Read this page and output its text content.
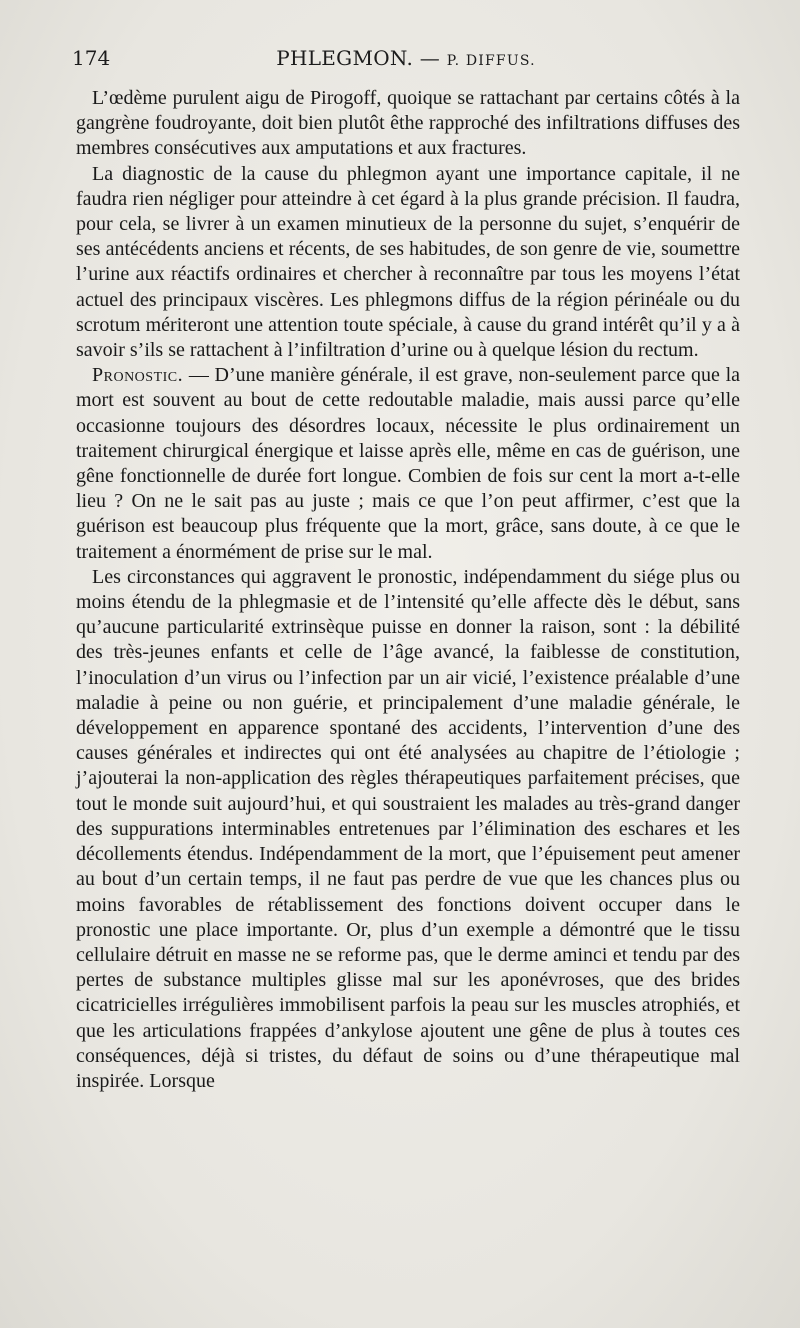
174	PHLEGMON. — P. DIFFUS.

L’œdème purulent aigu de Pirogoff, quoique se rattachant par certains côtés à la gangrène foudroyante, doit bien plutôt êthe rapproché des infiltrations diffuses des membres consécutives aux amputations et aux fractures.

La diagnostic de la cause du phlegmon ayant une importance capitale, il ne faudra rien négliger pour atteindre à cet égard à la plus grande précision. Il faudra, pour cela, se livrer à un examen minutieux de la personne du sujet, s’enquérir de ses antécédents anciens et récents, de ses habitudes, de son genre de vie, soumettre l’urine aux réactifs ordinaires et chercher à reconnaître par tous les moyens l’état actuel des principaux viscères. Les phlegmons diffus de la région périnéale ou du scrotum mériteront une attention toute spéciale, à cause du grand intérêt qu’il y a à savoir s’ils se rattachent à l’infiltration d’urine ou à quelque lésion du rectum.

Pronostic. — D’une manière générale, il est grave, non-seulement parce que la mort est souvent au bout de cette redoutable maladie, mais aussi parce qu’elle occasionne toujours des désordres locaux, nécessite le plus ordinairement un traitement chirurgical énergique et laisse après elle, même en cas de guérison, une gêne fonctionnelle de durée fort longue. Combien de fois sur cent la mort a-t-elle lieu ? On ne le sait pas au juste ; mais ce que l’on peut affirmer, c’est que la guérison est beaucoup plus fréquente que la mort, grâce, sans doute, à ce que le traitement a énormément de prise sur le mal.

Les circonstances qui aggravent le pronostic, indépendamment du siége plus ou moins étendu de la phlegmasie et de l’intensité qu’elle affecte dès le début, sans qu’aucune particularité extrinsèque puisse en donner la raison, sont : la débilité des très-jeunes enfants et celle de l’âge avancé, la faiblesse de constitution, l’inoculation d’un virus ou l’infection par un air vicié, l’existence préalable d’une maladie à peine ou non guérie, et principalement d’une maladie générale, le développement en apparence spontané des accidents, l’intervention d’une des causes générales et indirectes qui ont été analysées au chapitre de l’étiologie ; j’ajouterai la non-application des règles thérapeutiques parfaitement précises, que tout le monde suit aujourd’hui, et qui soustraient les malades au très-grand danger des suppurations interminables entretenues par l’élimination des eschares et les décollements étendus. Indépendamment de la mort, que l’épuisement peut amener au bout d’un certain temps, il ne faut pas perdre de vue que les chances plus ou moins favorables de rétablissement des fonctions doivent occuper dans le pronostic une place importante. Or, plus d’un exemple a démontré que le tissu cellulaire détruit en masse ne se reforme pas, que le derme aminci et tendu par des pertes de substance multiples glisse mal sur les aponévroses, que des brides cicatricielles irrégulières immobilisent parfois la peau sur les muscles atrophiés, et que les articulations frappées d’ankylose ajoutent une gêne de plus à toutes ces conséquences, déjà si tristes, du défaut de soins ou d’une thérapeutique mal inspirée. Lorsque
